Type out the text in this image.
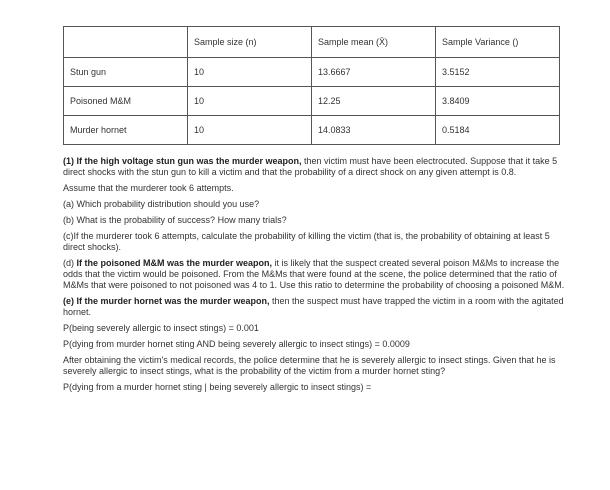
	Sample size (n)	Sample mean (X̄)	Sample Variance ()
Stun gun	10	13.6667	3.5152
Poisoned M&M	10	12.25	3.8409
Murder hornet	10	14.0833	0.5184

(1) If the high voltage stun gun was the murder weapon, then victim must have been electrocuted. Suppose that it take 5 direct shocks with the stun gun to kill a victim and that the probability of a direct shock on any given attempt is 0.8.

Assume that the murderer took 6 attempts.

(a) Which probability distribution should you use?

(b) What is the probability of success? How many trials?

(c)If the murderer took 6 attempts, calculate the probability of killing the victim (that is, the probability of obtaining at least 5 direct shocks).

(d) If the poisoned M&M was the murder weapon, it is likely that the suspect created several poison M&Ms to increase the odds that the victim would be poisoned. From the M&Ms that were found at the scene, the police determined that the ratio of M&Ms that were poisoned to not poisoned was 4 to 1. Use this ratio to determine the probability of choosing a poisoned M&M.

(e) If the murder hornet was the murder weapon, then the suspect must have trapped the victim in a room with the agitated hornet.

P(being severely allergic to insect stings) = 0.001

P(dying from murder hornet sting AND being severely allergic to insect stings) = 0.0009

After obtaining the victim's medical records, the police determine that he is severely allergic to insect stings. Given that he is severely allergic to insect stings, what is the probability of the victim from a murder hornet sting?

P(dying from a murder hornet sting | being severely allergic to insect stings) =
